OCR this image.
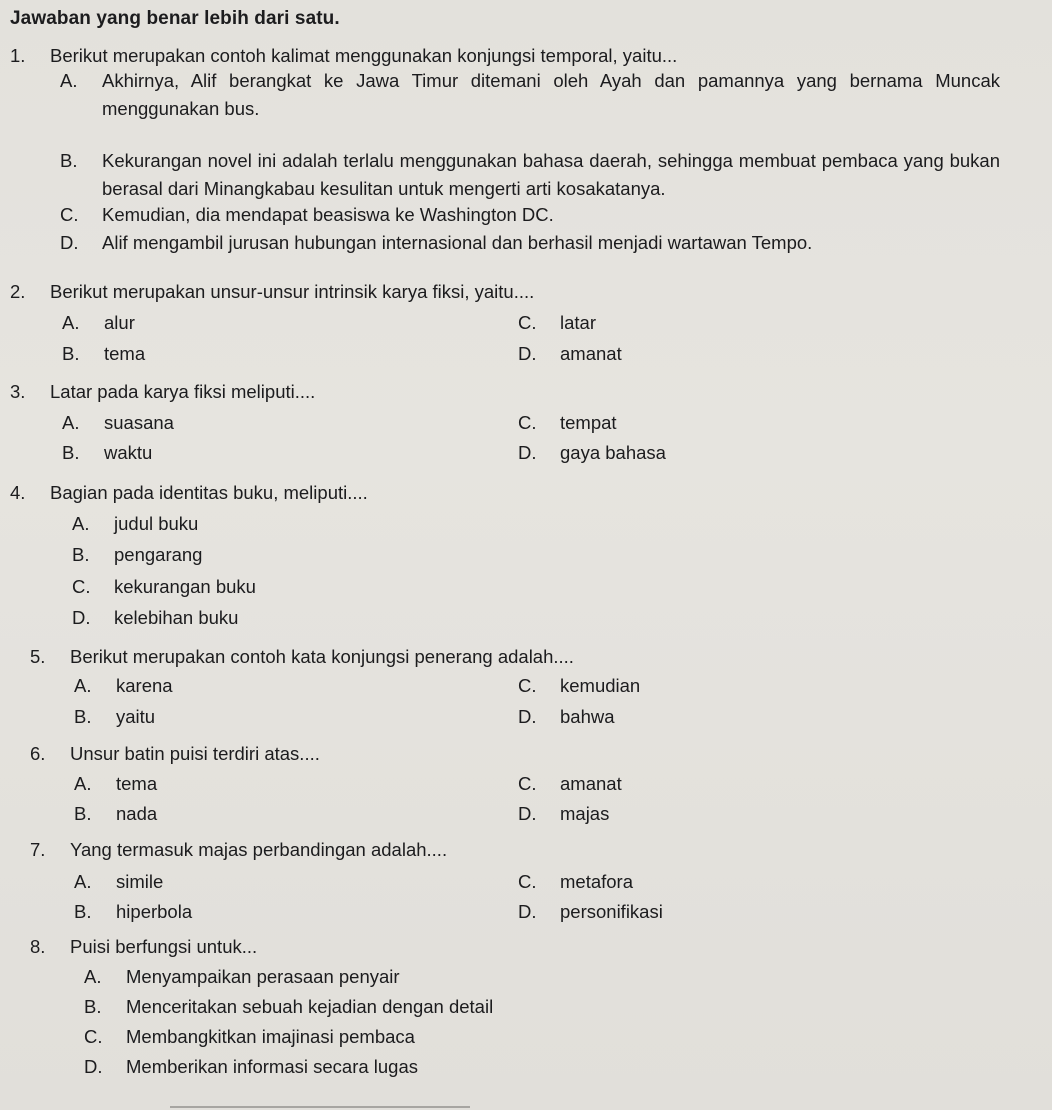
Jawaban yang benar lebih dari satu.
1. Berikut merupakan contoh kalimat menggunakan konjungsi temporal, yaitu...
A.	Akhirnya, Alif berangkat ke Jawa Timur ditemani oleh Ayah dan pamannya yang bernama Muncak menggunakan bus.
B.	Kekurangan novel ini adalah terlalu menggunakan bahasa daerah, sehingga membuat pembaca yang bukan berasal dari Minangkabau kesulitan untuk mengerti arti kosakatanya.
C. Kemudian, dia mendapat beasiswa ke Washington DC.
D. Alif mengambil jurusan hubungan internasional dan berhasil menjadi wartawan Tempo.
2. Berikut merupakan unsur-unsur intrinsik karya fiksi, yaitu....
A. alur
B. tema
C. latar
D. amanat
3. Latar pada karya fiksi meliputi....
A. suasana
B. waktu
C. tempat
D. gaya bahasa
4. Bagian pada identitas buku, meliputi....
A. judul buku
B. pengarang
C. kekurangan buku
D. kelebihan buku
5. Berikut merupakan contoh kata konjungsi penerang adalah....
A. karena
B. yaitu
C. kemudian
D. bahwa
6. Unsur batin puisi terdiri atas....
A. tema
B. nada
C. amanat
D. majas
7. Yang termasuk majas perbandingan adalah....
A. simile
B. hiperbola
C. metafora
D. personifikasi
8. Puisi berfungsi untuk...
A. Menyampaikan perasaan penyair
B. Menceritakan sebuah kejadian dengan detail
C. Membangkitkan imajinasi pembaca
D. Memberikan informasi secara lugas
